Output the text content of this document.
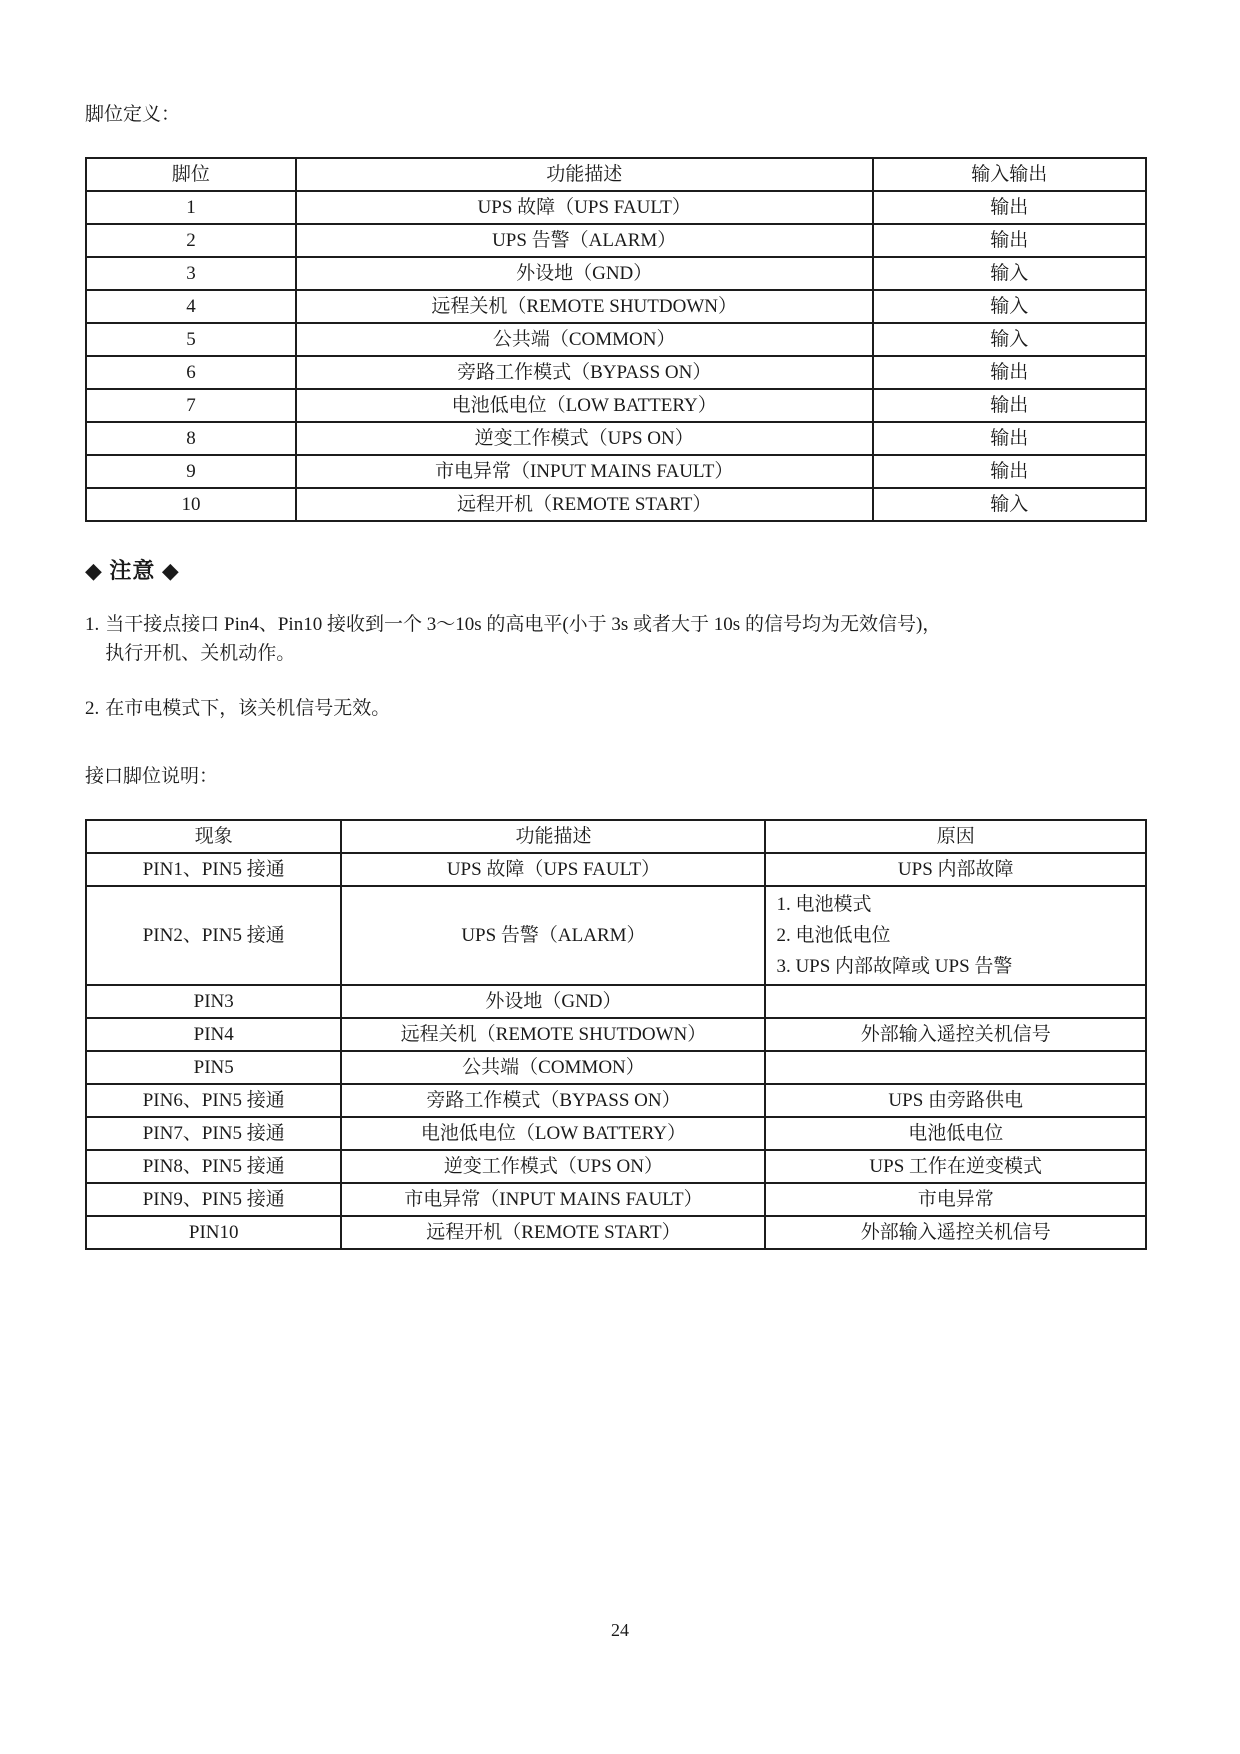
脚位定义：

脚位	功能描述	输入输出
1	UPS 故障（UPS FAULT）	输出
2	UPS 告警（ALARM）	输出
3	外设地（GND）	输入
4	远程关机（REMOTE SHUTDOWN）	输入
5	公共端（COMMON）	输入
6	旁路工作模式（BYPASS ON）	输出
7	电池低电位（LOW BATTERY）	输出
8	逆变工作模式（UPS ON）	输出
9	市电异常（INPUT MAINS FAULT）	输出
10	远程开机（REMOTE START）	输入
◆ 注意 ◆
1. 当干接点接口 Pin4、Pin10 接收到一个 3～10s 的高电平(小于 3s 或者大于 10s 的信号均为无效信号)，
执行开机、关机动作。
2. 在市电模式下，该关机信号无效。

接口脚位说明：

现象	功能描述	原因
PIN1、PIN5 接通	UPS 故障（UPS FAULT）	UPS 内部故障
PIN2、PIN5 接通	UPS 告警（ALARM）	1. 电池模式
2. 电池低电位
3. UPS 内部故障或 UPS 告警

PIN3	外设地（GND）	
PIN4	远程关机（REMOTE SHUTDOWN）	外部输入遥控关机信号
PIN5	公共端（COMMON）	
PIN6、PIN5 接通	旁路工作模式（BYPASS ON）	UPS 由旁路供电
PIN7、PIN5 接通	电池低电位（LOW BATTERY）	电池低电位
PIN8、PIN5 接通	逆变工作模式（UPS ON）	UPS 工作在逆变模式
PIN9、PIN5 接通	市电异常（INPUT MAINS FAULT）	市电异常
PIN10	远程开机（REMOTE START）	外部输入遥控关机信号
24
